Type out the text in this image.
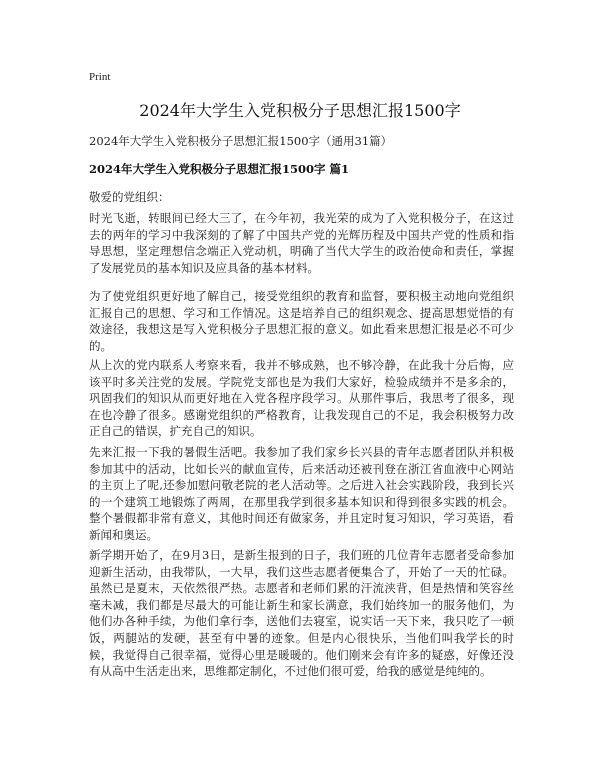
Print
2024年大学生入党积极分子思想汇报1500字
2024年大学生入党积极分子思想汇报1500字（通用31篇）
2024年大学生入党积极分子思想汇报1500字 篇1
敬爱的党组织：

时光飞逝，转眼间已经大三了，在今年初，我光荣的成为了入党积极分子，在这过去的两年的学习中我深刻的了解了中国共产党的光辉历程及中国共产党的性质和指导思想，坚定理想信念端正入党动机，明确了当代大学生的政治使命和责任，掌握了发展党员的基本知识及应具备的基本材料。

为了使党组织更好地了解自己，接受党组织的教育和监督，要积极主动地向党组织汇报自己的思想、学习和工作情况。这是培养自己的组织观念、提高思想觉悟的有效途径，我想这是写入党积极分子思想汇报的意义。如此看来思想汇报是必不可少的。

从上次的党内联系人考察来看，我并不够成熟，也不够冷静，在此我十分后悔，应该平时多关注党的发展。学院党支部也是为我们大家好，检验成绩并不是多余的，巩固我们的知识从而更好地在入党各程序段学习。从那件事后，我思考了很多，现在也冷静了很多。感谢党组织的严格教育，让我发现自己的不足，我会积极努力改正自己的错误，扩充自己的知识。

先来汇报一下我的暑假生活吧。我参加了我们家乡长兴县的青年志愿者团队并积极参加其中的活动，比如长兴的献血宣传，后来活动还被刊登在浙江省血液中心网站的主页上了呢,还参加慰问敬老院的老人活动等。之后进入社会实践阶段，我到长兴的一个建筑工地锻炼了两周，在那里我学到很多基本知识和得到很多实践的机会。整个暑假都非常有意义，其他时间还有做家务，并且定时复习知识，学习英语，看新闻和奥运。

新学期开始了，在9月3日，是新生报到的日子，我们班的几位青年志愿者受命参加迎新生活动，由我带队，一大早，我们这些志愿者便集合了，开始了一天的忙碌。虽然已是夏末，天依然很严热。志愿者和老师们累的汗流浃背，但是热情和笑容丝毫未减，我们都是尽最大的可能让新生和家长满意，我们始终加一的服务他们，为他们办各种手续，为他们拿行李，送他们去寝室，说实话一天下来，我只吃了一顿饭，两腿站的发硬，甚至有中暑的迹象。但是内心很快乐，当他们叫我学长的时候，我觉得自己很幸福，觉得心里是暖暖的。他们刚来会有许多的疑惑，好像还没有从高中生活走出来，思维都定制化，不过他们很可爱，给我的感觉是纯纯的。
